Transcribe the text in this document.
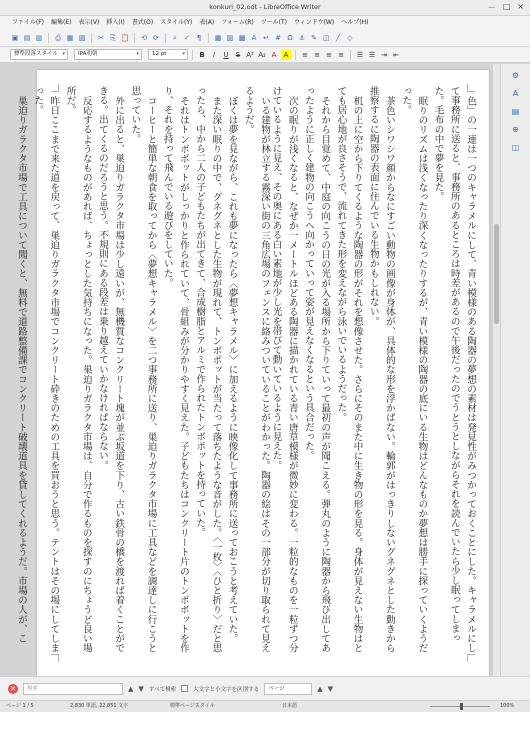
konkuri_02.odt - LibreOffice Writer	－ □ ×
ファイル(F) 編集(E) 表示(V) 挿入(I) 書式(O) スタイル(Y) 表(A) フォーム(R) ツール(T) ウィンドウ(W) ヘルプ(H)
▣ ▤ ▥	⎙ ▦ ▧ ✂ ⎘ 📋 ⟲ ⟳	⌕	✓ ¶	▦ ▨ ▩ A ↵ # Ω ⚓ ✎ ◫ ╱	◇
標準段落スタイル ▾	IPA明朝	▾	12 pt	▾	B	I	U	S A² A₂ A	A	≡ ≡ ≡ ≡ ☰ ☰ ⇥ ⇤

色」の一連は一つのキャラメルにして、青い模様のある陶器の夢想の素材は発見性がみつかっておくことにした。キャラメルにして事務所に送ると、事務所のあるところは時差があるので午後だったのでうとうとしながらそれを読んでいたら少し眠ってしまった。毛布の中で夢を見た。

眠りのリズムは浅くなったり深くなったりするが、青い模様の陶器の底にいる生物はどんなものか夢想は勝手に探っていくようだった。

茶色いシワシワ顔からなにすごい動物の画像が身体が、具体的な形を浮かばない。輪郭がはっきりしないグネグネとした動きから推察するに陶器の表面に住んでいる生物かもしれない。

机の上に空から下りてくるような陶器の形がそれを想像させた。さらにそのまた中に生き物の形を見る。身体が見えない生物はとても居心地が良さそうで、流れてきた形を変えながら泳いでいるようだった。

それから目覚めて、中庭の向こうの日の光が入る場所から下りていって最初の声が聞こえる。弾丸のように陶器から飛び出してあったように正しく建物の向こうへ向かっていって姿が見えなくなるという具合だった。

次の眠りが浅くなると、なぜか一メートルほどある陶器に描かれている青い唐草模様が微妙に変わる。一粒的なものを一粒ずつ分けているように見え、その奥にある白い素地が少し光を帯びて動いているように見えた。

いる建物が林立する霧深い街の三角広場のフェンスに絡みついていることがわかった。陶器の絵はその一部分が切り取られて見えるようだ。

ぼくは夢を見ながら、これも夢になったら〈夢想キャラメル〉に加えるように映像化して事務所に送っておこうと考えていた。

また深い眠りの中で、グネグネとした生物が現れて、トンボポットが当たって落ちたような音がした。〈一枚〉〈ひと折り〉だと思ったら、中から二人の子どもたちが出てきて、合成樹脂とアルミで作られたトンボボットを持っていた。

それはトンボポットがしっかりと作られていて、骨組みが分かりやすく見えた。子どもたちはコンクリート片のトンボボットを作り、それを持って飛んでいる遊びをしていた。

コーヒーと簡単な朝食を取ってから〈夢想キャラメル〉を二つ事務所に送り、巣迫りガラクタ市場に工具などを調達しに行こうと思っていた。

外に出ると、巣迫りガラクタ市場は少し遠いが、無機質なコンクリート塊が並ぶ坂道を下り、古い鉄骨の橋を渡れば着くことができる。出てくるのだろうと思う。不規則にある段差は乗り越えていかなければならない。

反応するようなものがあれば、ちょっとした気持ちになった。巣迫りガラクタ市場は、自分で作るものを探すのにちょうど良い場所だ。

昨日ここまで来た道を戻って、巣迫りガラクタ市場でコンクリート砕きのための工具を買おうと思う。テントはその場にしてしまった。

巣迫りガラクタ市場で工具について聞くと、無料で道路整備課でコンクリート破壊道具を貸してくれるようだ。市場の人が、こ

⚙
A
▤
⊕
◫
✕	検索	▲ ▼ すべて検索	大文字と小文字を区別する	ページ	▲ ▼
ページ 1 / 5	2,830 単語, 22,851 文字	標準ページスタイル	日本語	100%
